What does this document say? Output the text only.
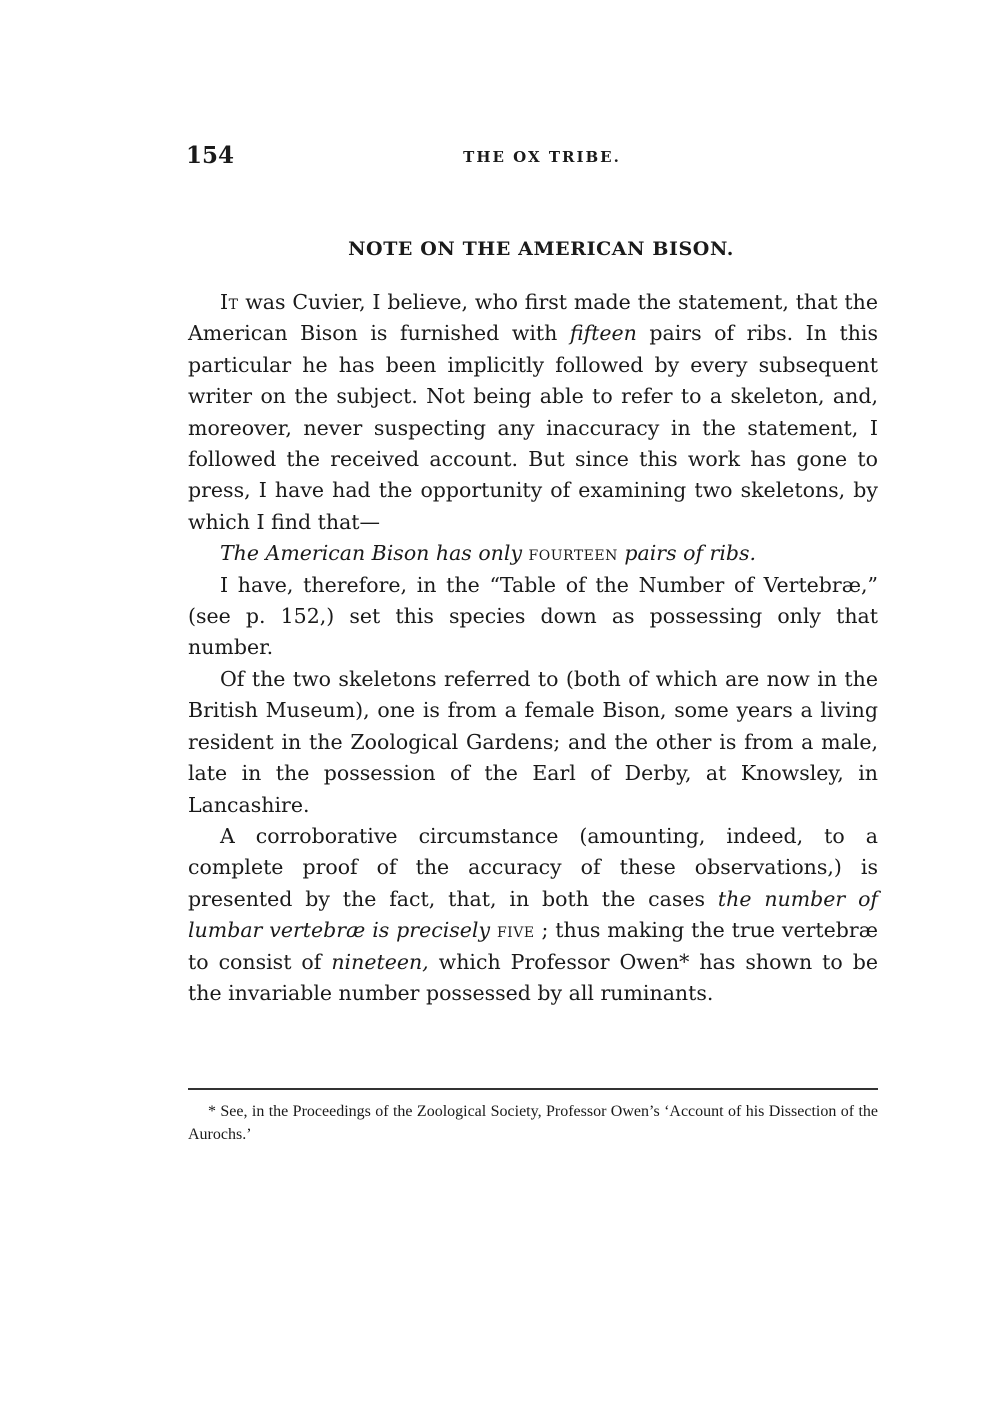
154	THE OX TRIBE.
NOTE ON THE AMERICAN BISON.

It was Cuvier, I believe, who first made the statement, that the American Bison is furnished with fifteen pairs of ribs. In this particular he has been implicitly followed by every subsequent writer on the subject. Not being able to refer to a skeleton, and, moreover, never suspecting any inaccuracy in the statement, I followed the received account. But since this work has gone to press, I have had the opportunity of examining two skeletons, by which I find that—

The American Bison has only fourteen pairs of ribs.

I have, therefore, in the “Table of the Number of Vertebræ,” (see p. 152,) set this species down as possessing only that number.

Of the two skeletons referred to (both of which are now in the British Museum), one is from a female Bison, some years a living resident in the Zoological Gardens; and the other is from a male, late in the possession of the Earl of Derby, at Knowsley, in Lancashire.

A corroborative circumstance (amounting, indeed, to a complete proof of the accuracy of these observations,) is presented by the fact, that, in both the cases the number of lumbar vertebræ is precisely five ; thus making the true vertebræ to consist of nineteen, which Professor Owen* has shown to be the invariable number possessed by all ruminants.

* See, in the Proceedings of the Zoological Society, Professor Owen’s ‘Account of his Dissection of the Aurochs.’
